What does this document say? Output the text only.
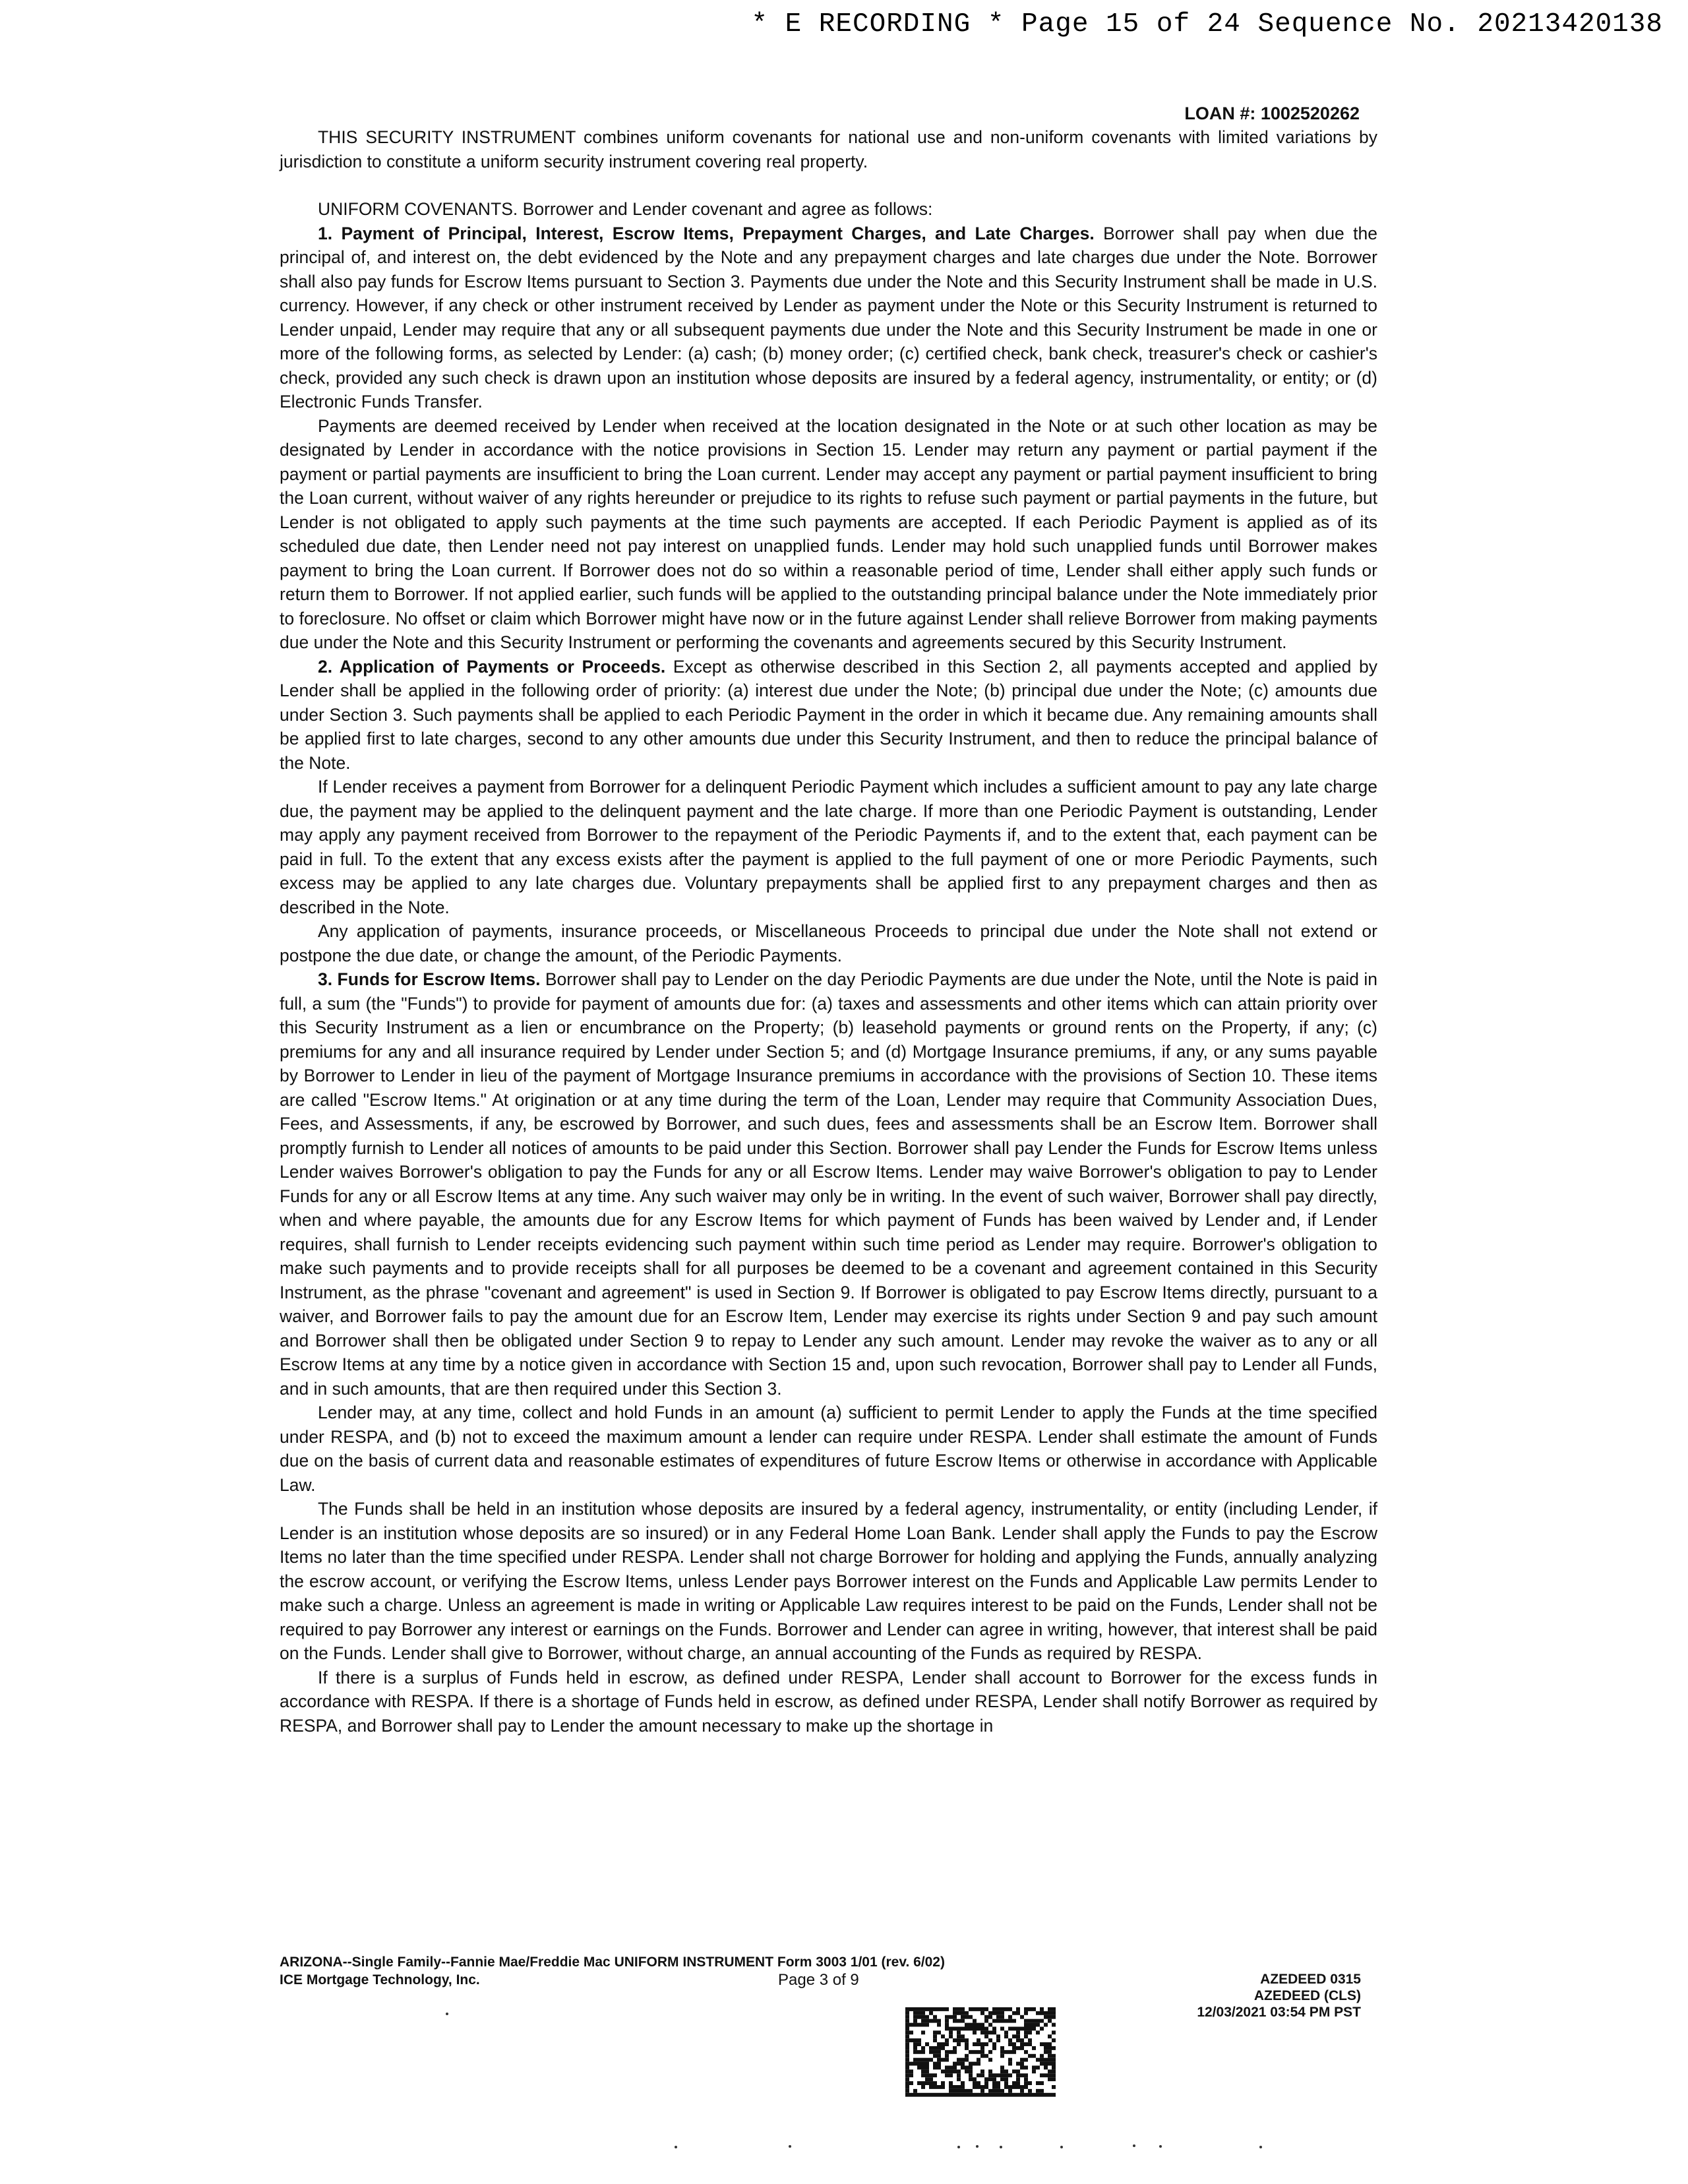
* E RECORDING * Page 15 of 24 Sequence No. 20213420138
LOAN #: 1002520262

THIS SECURITY INSTRUMENT combines uniform covenants for national use and non-uniform covenants with limited variations by jurisdiction to constitute a uniform security instrument covering real property.

UNIFORM COVENANTS. Borrower and Lender covenant and agree as follows:

1. Payment of Principal, Interest, Escrow Items, Prepayment Charges, and Late Charges. Borrower shall pay when due the principal of, and interest on, the debt evidenced by the Note and any prepayment charges and late charges due under the Note. Borrower shall also pay funds for Escrow Items pursuant to Section 3. Payments due under the Note and this Security Instrument shall be made in U.S. currency. However, if any check or other instrument received by Lender as payment under the Note or this Security Instrument is returned to Lender unpaid, Lender may require that any or all subsequent payments due under the Note and this Security Instrument be made in one or more of the following forms, as selected by Lender: (a) cash; (b) money order; (c) certified check, bank check, treasurer's check or cashier's check, provided any such check is drawn upon an institution whose deposits are insured by a federal agency, instrumentality, or entity; or (d) Electronic Funds Transfer.

Payments are deemed received by Lender when received at the location designated in the Note or at such other location as may be designated by Lender in accordance with the notice provisions in Section 15. Lender may return any payment or partial payment if the payment or partial payments are insufficient to bring the Loan current. Lender may accept any payment or partial payment insufficient to bring the Loan current, without waiver of any rights hereunder or prejudice to its rights to refuse such payment or partial payments in the future, but Lender is not obligated to apply such payments at the time such payments are accepted. If each Periodic Payment is applied as of its scheduled due date, then Lender need not pay interest on unapplied funds. Lender may hold such unapplied funds until Borrower makes payment to bring the Loan current. If Borrower does not do so within a reasonable period of time, Lender shall either apply such funds or return them to Borrower. If not applied earlier, such funds will be applied to the outstanding principal balance under the Note immediately prior to foreclosure. No offset or claim which Borrower might have now or in the future against Lender shall relieve Borrower from making payments due under the Note and this Security Instrument or performing the covenants and agreements secured by this Security Instrument.

2. Application of Payments or Proceeds. Except as otherwise described in this Section 2, all payments accepted and applied by Lender shall be applied in the following order of priority: (a) interest due under the Note; (b) principal due under the Note; (c) amounts due under Section 3. Such payments shall be applied to each Periodic Payment in the order in which it became due. Any remaining amounts shall be applied first to late charges, second to any other amounts due under this Security Instrument, and then to reduce the principal balance of the Note.

If Lender receives a payment from Borrower for a delinquent Periodic Payment which includes a sufficient amount to pay any late charge due, the payment may be applied to the delinquent payment and the late charge. If more than one Periodic Payment is outstanding, Lender may apply any payment received from Borrower to the repayment of the Periodic Payments if, and to the extent that, each payment can be paid in full. To the extent that any excess exists after the payment is applied to the full payment of one or more Periodic Payments, such excess may be applied to any late charges due. Voluntary prepayments shall be applied first to any prepayment charges and then as described in the Note.

Any application of payments, insurance proceeds, or Miscellaneous Proceeds to principal due under the Note shall not extend or postpone the due date, or change the amount, of the Periodic Payments.

3. Funds for Escrow Items. Borrower shall pay to Lender on the day Periodic Payments are due under the Note, until the Note is paid in full, a sum (the "Funds") to provide for payment of amounts due for: (a) taxes and assessments and other items which can attain priority over this Security Instrument as a lien or encumbrance on the Property; (b) leasehold payments or ground rents on the Property, if any; (c) premiums for any and all insurance required by Lender under Section 5; and (d) Mortgage Insurance premiums, if any, or any sums payable by Borrower to Lender in lieu of the payment of Mortgage Insurance premiums in accordance with the provisions of Section 10. These items are called "Escrow Items." At origination or at any time during the term of the Loan, Lender may require that Community Association Dues, Fees, and Assessments, if any, be escrowed by Borrower, and such dues, fees and assessments shall be an Escrow Item. Borrower shall promptly furnish to Lender all notices of amounts to be paid under this Section. Borrower shall pay Lender the Funds for Escrow Items unless Lender waives Borrower's obligation to pay the Funds for any or all Escrow Items. Lender may waive Borrower's obligation to pay to Lender Funds for any or all Escrow Items at any time. Any such waiver may only be in writing. In the event of such waiver, Borrower shall pay directly, when and where payable, the amounts due for any Escrow Items for which payment of Funds has been waived by Lender and, if Lender requires, shall furnish to Lender receipts evidencing such payment within such time period as Lender may require. Borrower's obligation to make such payments and to provide receipts shall for all purposes be deemed to be a covenant and agreement contained in this Security Instrument, as the phrase "covenant and agreement" is used in Section 9. If Borrower is obligated to pay Escrow Items directly, pursuant to a waiver, and Borrower fails to pay the amount due for an Escrow Item, Lender may exercise its rights under Section 9 and pay such amount and Borrower shall then be obligated under Section 9 to repay to Lender any such amount. Lender may revoke the waiver as to any or all Escrow Items at any time by a notice given in accordance with Section 15 and, upon such revocation, Borrower shall pay to Lender all Funds, and in such amounts, that are then required under this Section 3.

Lender may, at any time, collect and hold Funds in an amount (a) sufficient to permit Lender to apply the Funds at the time specified under RESPA, and (b) not to exceed the maximum amount a lender can require under RESPA. Lender shall estimate the amount of Funds due on the basis of current data and reasonable estimates of expenditures of future Escrow Items or otherwise in accordance with Applicable Law.

The Funds shall be held in an institution whose deposits are insured by a federal agency, instrumentality, or entity (including Lender, if Lender is an institution whose deposits are so insured) or in any Federal Home Loan Bank. Lender shall apply the Funds to pay the Escrow Items no later than the time specified under RESPA. Lender shall not charge Borrower for holding and applying the Funds, annually analyzing the escrow account, or verifying the Escrow Items, unless Lender pays Borrower interest on the Funds and Applicable Law permits Lender to make such a charge. Unless an agreement is made in writing or Applicable Law requires interest to be paid on the Funds, Lender shall not be required to pay Borrower any interest or earnings on the Funds. Borrower and Lender can agree in writing, however, that interest shall be paid on the Funds. Lender shall give to Borrower, without charge, an annual accounting of the Funds as required by RESPA.

If there is a surplus of Funds held in escrow, as defined under RESPA, Lender shall account to Borrower for the excess funds in accordance with RESPA. If there is a shortage of Funds held in escrow, as defined under RESPA, Lender shall notify Borrower as required by RESPA, and Borrower shall pay to Lender the amount necessary to make up the shortage in

ARIZONA--Single Family--Fannie Mae/Freddie Mac UNIFORM INSTRUMENT Form 3003 1/01 (rev. 6/02)
ICE Mortgage Technology, Inc.	Page 3 of 9	AZEDEED 0315
AZEDEED (CLS)
12/03/2021 03:54 PM PST
